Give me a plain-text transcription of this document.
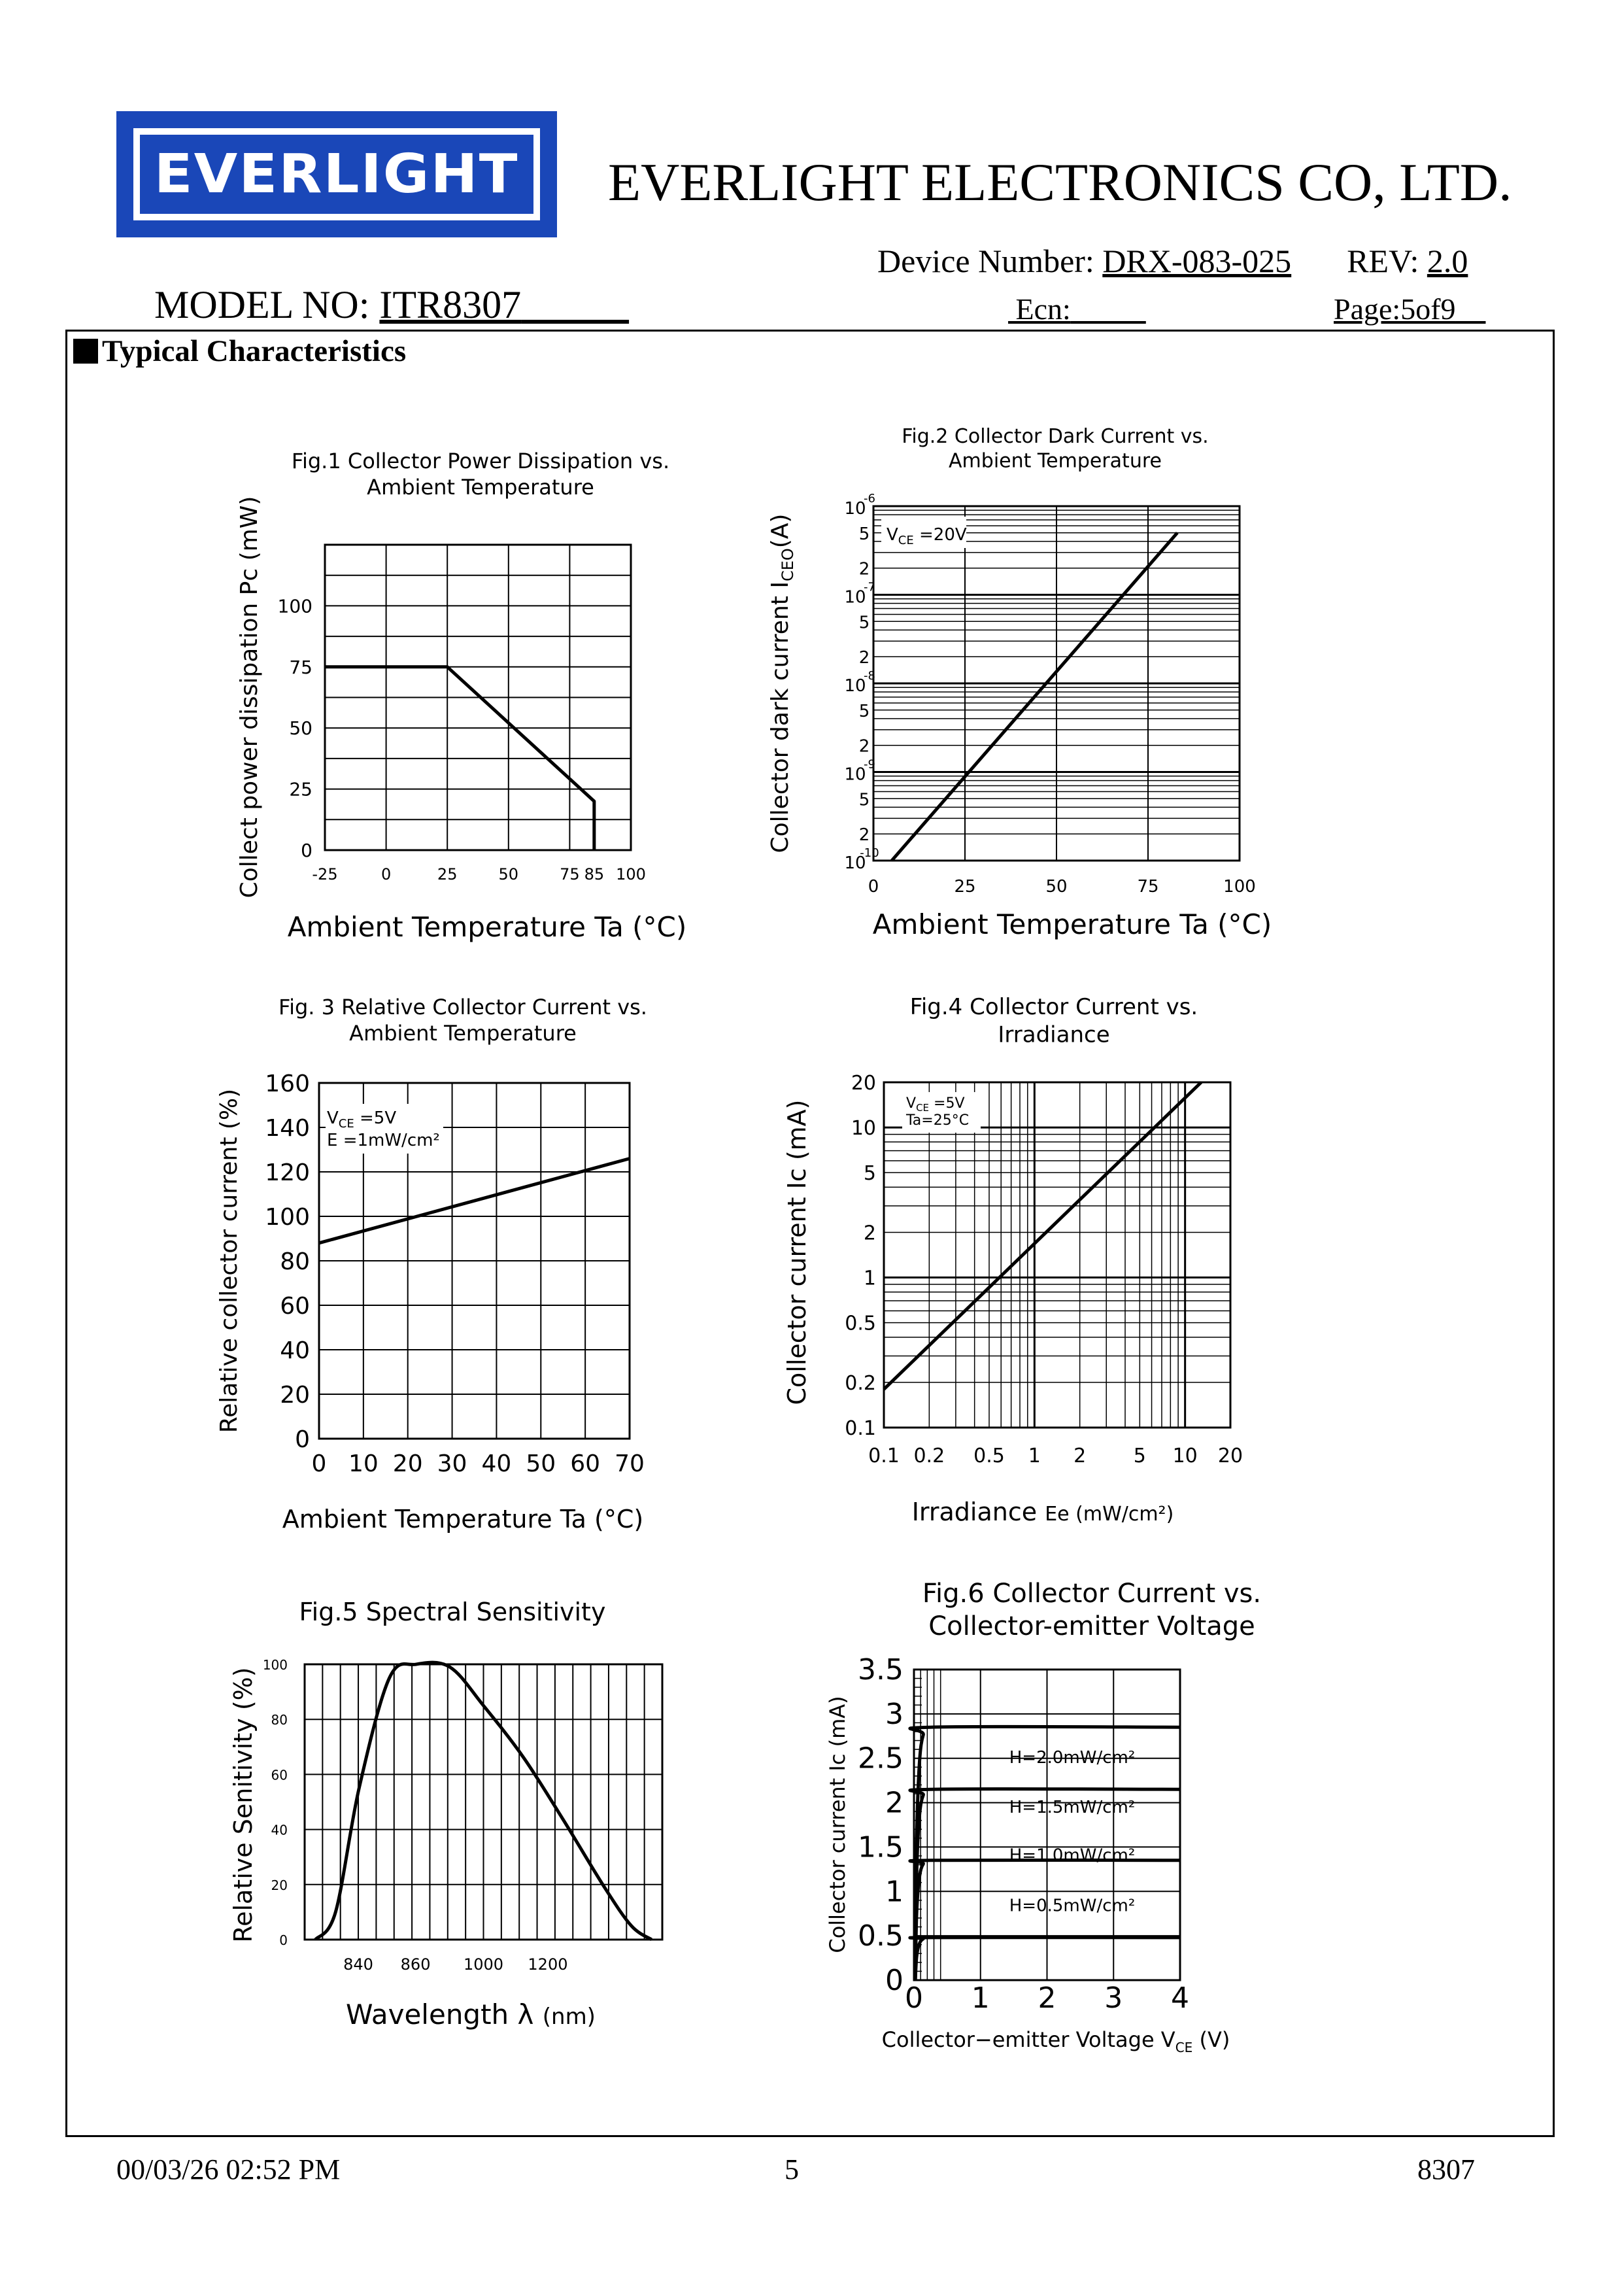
EVERLIGHT EVERLIGHT ELECTRONICS CO, LTD.
Device Number: DRX-083-025 REV: 2.0
MODEL NO: ITR8307	Ecn:	Page:5of9
Typical Characteristics
Fig.1 Collector Power Dissipation vs.
Ambient Temperature
-25	0	25	50	75 85 100
0
25
50
75
100
Ambient Temperature Ta (°C)
Collect power dissipation Pc (mW)
Fig.2 Collector Dark Current vs.
Ambient Temperature
0	25	50	75	100
10
-10
10
-9
10
-8
10
-7
10
-6
2
5
2
5
2
5
2
5 $V_{CE} =20V$
Ambient Temperature Ta (°C)
Collector dark current $I_{CEO}(A)$
Fig. 3 Relative Collector Current vs.
Ambient Temperature
0 10 20 30 40 50 60 70
0
20
40
60
80
100
120
140
160
$V_{CE} =5V$
E =1mW/cm²
Ambient Temperature Ta (°C)
Relative collector current (%)
Fig.4 Collector Current vs.
Irradiance
0.1 0.2 0.5 1 2 5 10 20
0.1
0.2
0.5
1
2
5
10
20
$V_{CE} =5V$
Ta=25°C
Irradiance Ee (mW/cm²)
Collector current Ic (mA)
Fig.5 Spectral Sensitivity
0
20
40
60
80
100
840 860 1000 1200
Wavelength λ (nm)
Relative Senitivity (%)
Fig.6 Collector Current vs.
Collector-emitter Voltage
0 1 2 3 4
0
0.5
1
1.5
2
2.5
3
3.5
H=2.0mW/cm²
H=1.5mW/cm²
H=1.0mW/cm²
H=0.5mW/cm²
Collector−emitter Voltage $V_{CE}$ (V)
Collector current Ic (mA)
00/03/26 02:52 PM	5	8307
